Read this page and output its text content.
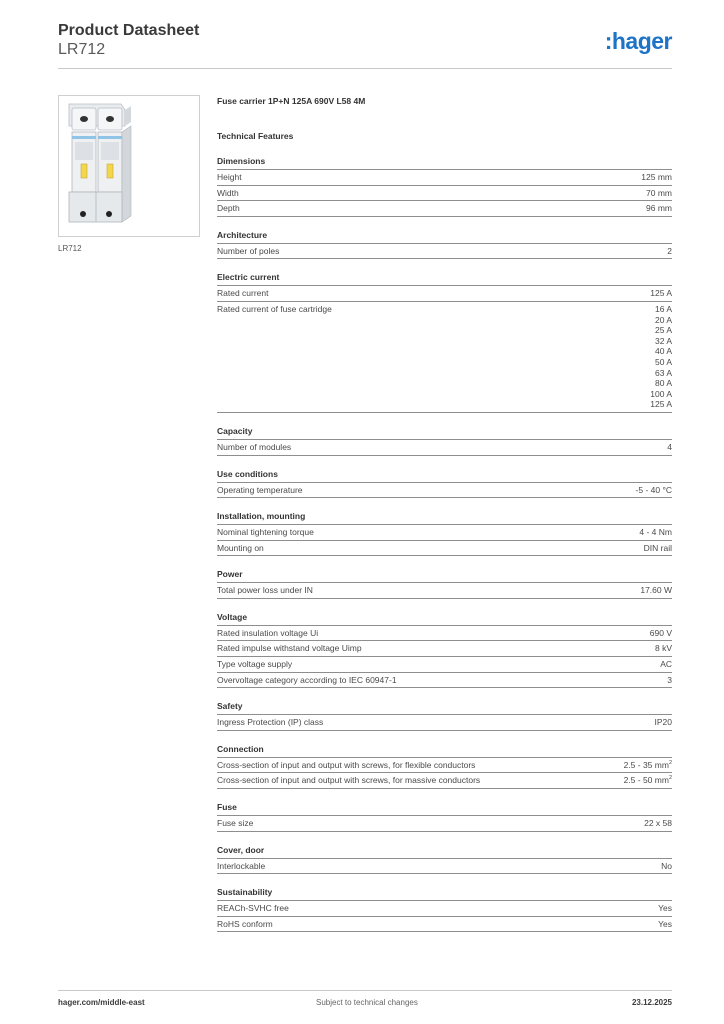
Product Datasheet
LR712	:hager
LR712
Fuse carrier 1P+N 125A 690V L58 4M
Technical Features
Dimensions
Height	125 mm
Width	70 mm
Depth	96 mm
Architecture
Number of poles	2
Electric current
Rated current	125 A
Rated current of fuse cartridge	16 A
20 A
25 A
32 A
40 A
50 A
63 A
80 A
100 A
125 A
Capacity
Number of modules	4
Use conditions
Operating temperature	-5 - 40 °C
Installation, mounting
Nominal tightening torque	4 - 4 Nm
Mounting on	DIN rail
Power
Total power loss under IN	17.60 W
Voltage
Rated insulation voltage Ui	690 V
Rated impulse withstand voltage Uimp	8 kV
Type voltage supply	AC
Overvoltage category according to IEC 60947-1	3
Safety
Ingress Protection (IP) class	IP20
Connection
Cross-section of input and output with screws, for flexible conductors	2.5 - 35 $mm^2$
Cross-section of input and output with screws, for massive conductors	2.5 - 50 $mm^2$
Fuse
Fuse size	22 x 58
Cover, door
Interlockable	No
Sustainability
REACh-SVHC free	Yes
RoHS conform	Yes
hager.com/middle-east	Subject to technical changes	23.12.2025
